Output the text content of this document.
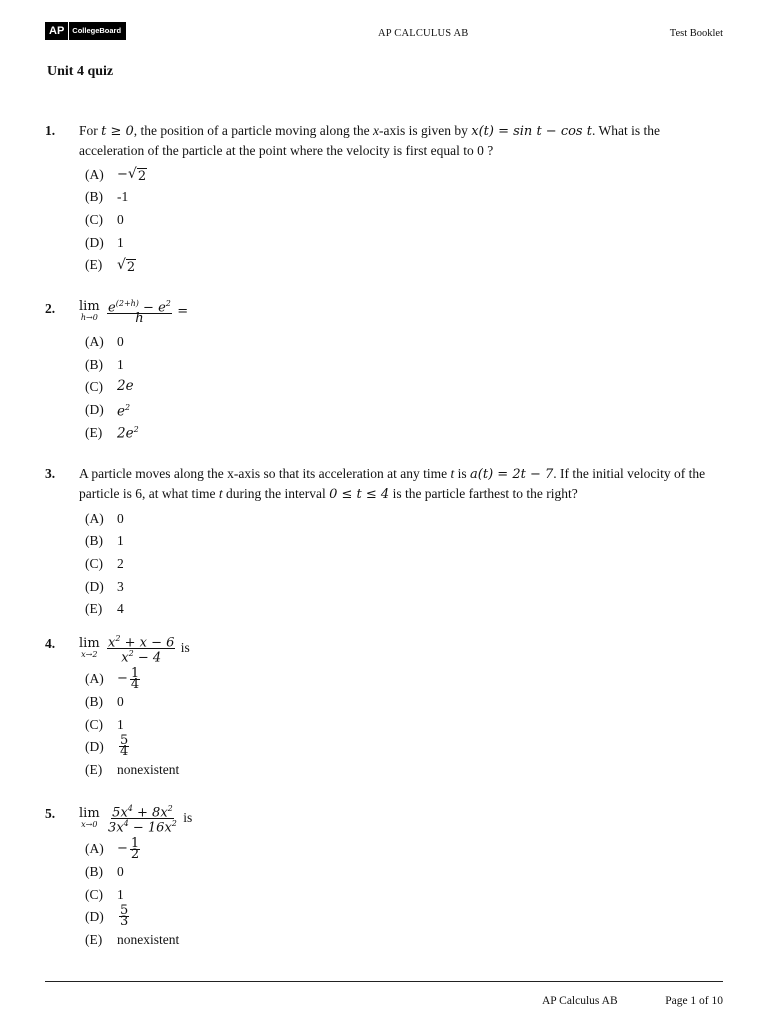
AP	CollegeBoard	AP CALCULUS AB	Test Booklet
Unit 4 quiz
1. For t ≥ 0, the position of a particle moving along the x-axis is given by x(t) = sin t − cos t. What is the acceleration of the particle at the point where the velocity is first equal to 0 ?
(A)	− √ 2
(B)	-1
(C)	0
(D) 1
(E)	√ 2
2. lim
h→0
$\frac{e^{(2+h)} - e^2}{h}$ =
(A) 0
(B)	1
(C)	2e
(D) $e^2$
(E)	$2e^2$
3. A particle moves along the x-axis so that its acceleration at any time t is a(t) = 2t − 7. If the initial velocity of the particle is 6, at what time t during the interval 0 ≤ t ≤ 4 is the particle farthest to the right?
(A) 0
(B)	1
(C)	2
(D) 3
(E)	4
4. lim
x→2
$\frac{x^2 + x - 6}{x^2 - 4}$ is
(A)	− $\frac{1}{4}$
(B)	0
(C)	1
(D)	$\frac{5}{4}$
(E)	nonexistent
5. lim
x→0
$\frac{5x^4 + 8x^2}{3x^4 - 16x^2}$ is
(A)	− $\frac{1}{2}$
(B)	0
(C)	1
(D)	$\frac{5}{3}$
(E)	nonexistent
AP Calculus AB	Page 1 of 10
